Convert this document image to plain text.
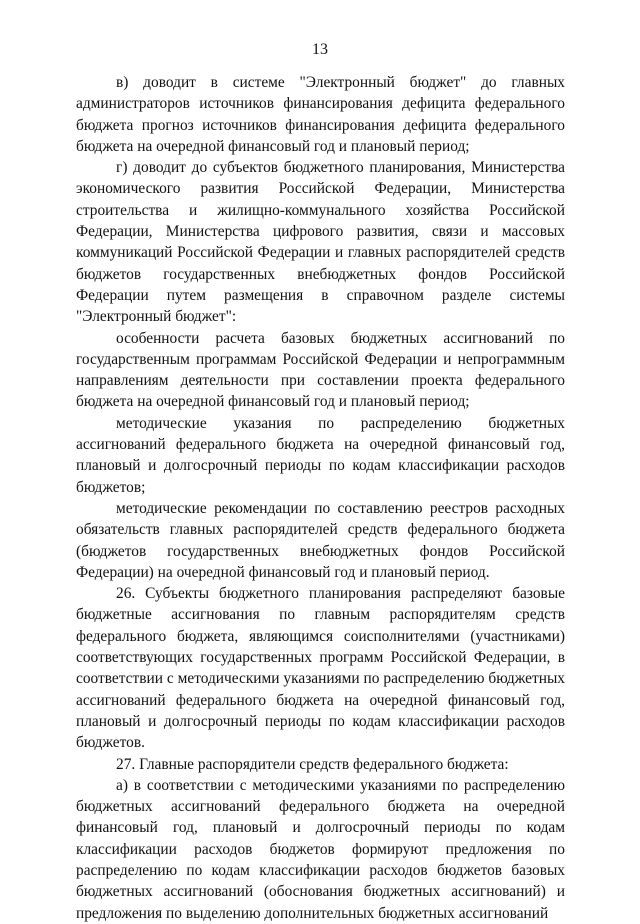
13

в) доводит в системе "Электронный бюджет" до главных администраторов источников финансирования дефицита федерального бюджета прогноз источников финансирования дефицита федерального бюджета на очередной финансовый год и плановый период;

г) доводит до субъектов бюджетного планирования, Министерства экономического развития Российской Федерации, Министерства строительства и жилищно-коммунального хозяйства Российской Федерации, Министерства цифрового развития, связи и массовых коммуникаций Российской Федерации и главных распорядителей средств бюджетов государственных внебюджетных фондов Российской Федерации путем размещения в справочном разделе системы "Электронный бюджет":

особенности расчета базовых бюджетных ассигнований по государственным программам Российской Федерации и непрограммным направлениям деятельности при составлении проекта федерального бюджета на очередной финансовый год и плановый период;

методические указания по распределению бюджетных ассигнований федерального бюджета на очередной финансовый год, плановый и долгосрочный периоды по кодам классификации расходов бюджетов;

методические рекомендации по составлению реестров расходных обязательств главных распорядителей средств федерального бюджета (бюджетов государственных внебюджетных фондов Российской Федерации) на очередной финансовый год и плановый период.

26. Субъекты бюджетного планирования распределяют базовые бюджетные ассигнования по главным распорядителям средств федерального бюджета, являющимся соисполнителями (участниками) соответствующих государственных программ Российской Федерации, в соответствии с методическими указаниями по распределению бюджетных ассигнований федерального бюджета на очередной финансовый год, плановый и долгосрочный периоды по кодам классификации расходов бюджетов.

27. Главные распорядители средств федерального бюджета:

а) в соответствии с методическими указаниями по распределению бюджетных ассигнований федерального бюджета на очередной финансовый год, плановый и долгосрочный периоды по кодам классификации расходов бюджетов формируют предложения по распределению по кодам классификации расходов бюджетов базовых бюджетных ассигнований (обоснования бюджетных ассигнований) и предложения по выделению дополнительных бюджетных ассигнований
